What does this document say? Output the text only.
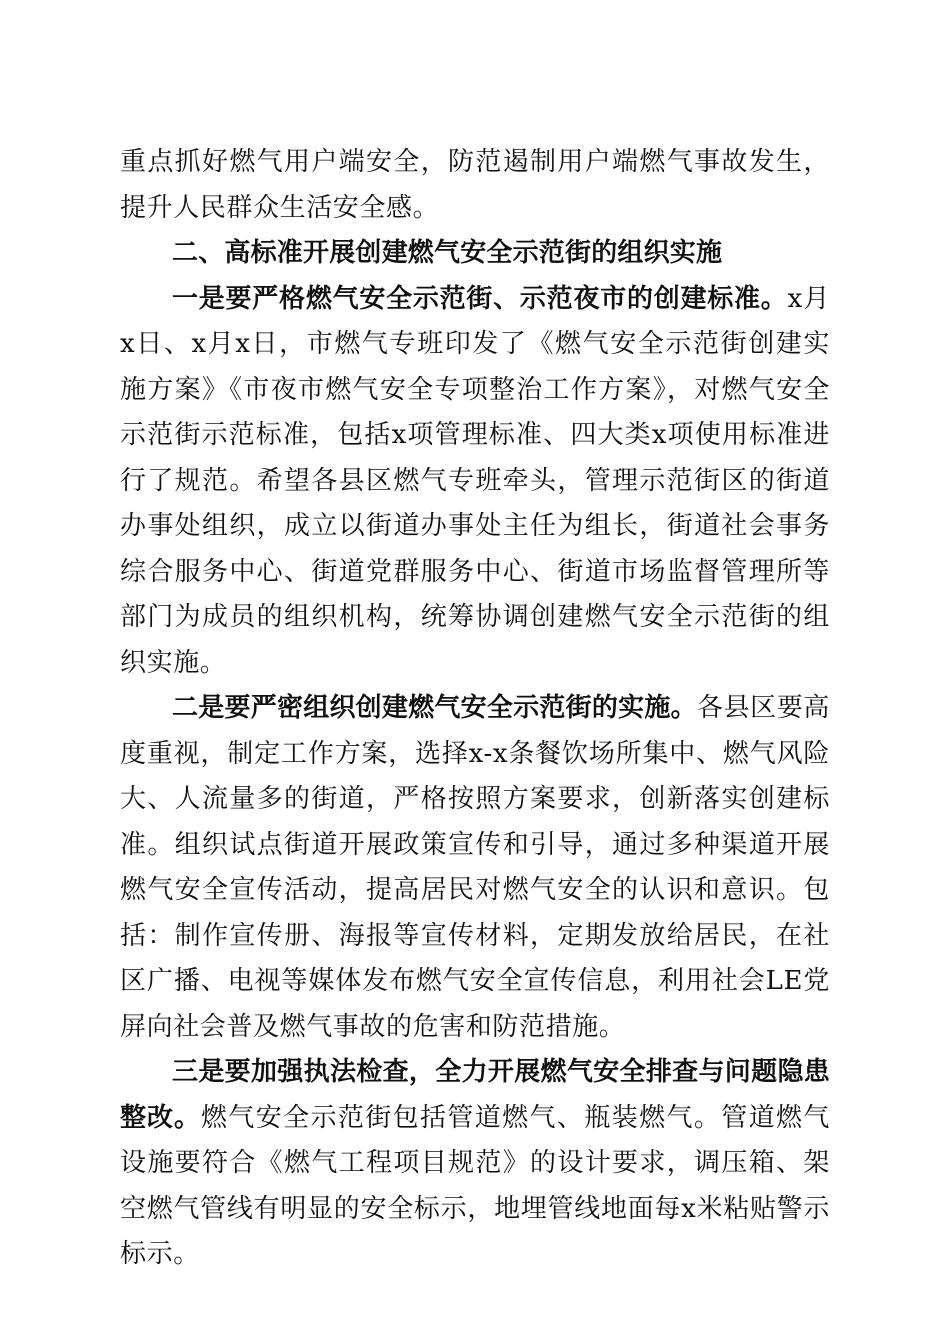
重点抓好燃气用户端安全，防范遏制用户端燃气事故发生，提升人民群众生活安全感。

二、高标准开展创建燃气安全示范街的组织实施

一是要严格燃气安全示范街、示范夜市的创建标准。x月x日、x月x日，市燃气专班印发了《燃气安全示范街创建实施方案》《市夜市燃气安全专项整治工作方案》，对燃气安全示范街示范标准，包括x项管理标准、四大类x项使用标准进行了规范。希望各县区燃气专班牵头，管理示范街区的街道办事处组织，成立以街道办事处主任为组长，街道社会事务综合服务中心、街道党群服务中心、街道市场监督管理所等部门为成员的组织机构，统筹协调创建燃气安全示范街的组织实施。

二是要严密组织创建燃气安全示范街的实施。各县区要高度重视，制定工作方案，选择x-x条餐饮场所集中、燃气风险大、人流量多的街道，严格按照方案要求，创新落实创建标准。组织试点街道开展政策宣传和引导，通过多种渠道开展燃气安全宣传活动，提高居民对燃气安全的认识和意识。包括：制作宣传册、海报等宣传材料，定期发放给居民，在社区广播、电视等媒体发布燃气安全宣传信息，利用社会LE党屏向社会普及燃气事故的危害和防范措施。

三是要加强执法检查，全力开展燃气安全排查与问题隐患整改。燃气安全示范街包括管道燃气、瓶装燃气。管道燃气设施要符合《燃气工程项目规范》的设计要求，调压箱、架空燃气管线有明显的安全标示，地埋管线地面每x米粘贴警示标示。
